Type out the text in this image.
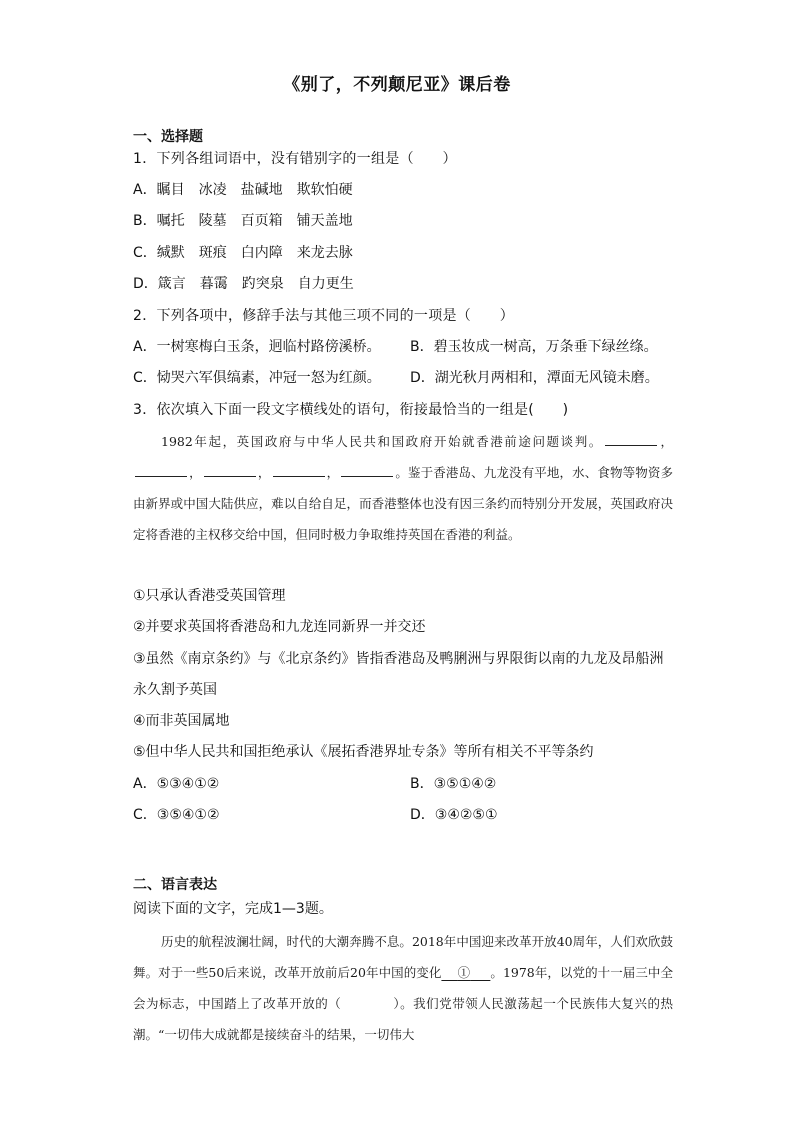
《别了，不列颠尼亚》课后卷
一、选择题
1．下列各组词语中，没有错别字的一组是（　　）
A．瞩目　冰凌　盐碱地　欺软怕硬
B．嘱托　陵墓　百页箱　铺天盖地
C．缄默　斑痕　白内障　来龙去脉
D．箴言　暮霭　趵突泉　自力更生
2．下列各项中，修辞手法与其他三项不同的一项是（　　）
A．一树寒梅白玉条，迥临村路傍溪桥。 B．碧玉妆成一树高，万条垂下绿丝绦。
C．恸哭六军俱缟素，冲冠一怒为红颜。 D．湖光秋月两相和，潭面无风镜未磨。
3．依次填入下面一段文字横线处的语句，衔接最恰当的一组是(　　)
1982年起，英国政府与中华人民共和国政府开始就香港前途问题谈判。	，，	，	，	。鉴于香港岛、九龙没有平地，水、食物等物资多由新界或中国大陆供应，难以自给自足，而香港整体也没有因三条约而特别分开发展，英国政府决定将香港的主权移交给中国，但同时极力争取维持英国在香港的利益。
①只承认香港受英国管理
②并要求英国将香港岛和九龙连同新界一并交还
③虽然《南京条约》与《北京条约》皆指香港岛及鸭脷洲与界限街以南的九龙及昂船洲
永久割予英国
④而非英国属地
⑤但中华人民共和国拒绝承认《展拓香港界址专条》等所有相关不平等条约
A．⑤③④①②	B．③⑤①④②
C．③⑤④①②	D．③④②⑤①
二、语言表达
阅读下面的文字，完成1—3题。
历史的航程波澜壮阔，时代的大潮奔腾不息。2018年中国迎来改革开放40周年，人们欢欣鼓舞。对于一些50后来说，改革开放前后20年中国的变化 ① 。1978年，以党的十一届三中全会为标志，中国踏上了改革开放的（　　　　）。我们党带领人民激荡起一个民族伟大复兴的热潮。“一切伟大成就都是接续奋斗的结果，一切伟大
